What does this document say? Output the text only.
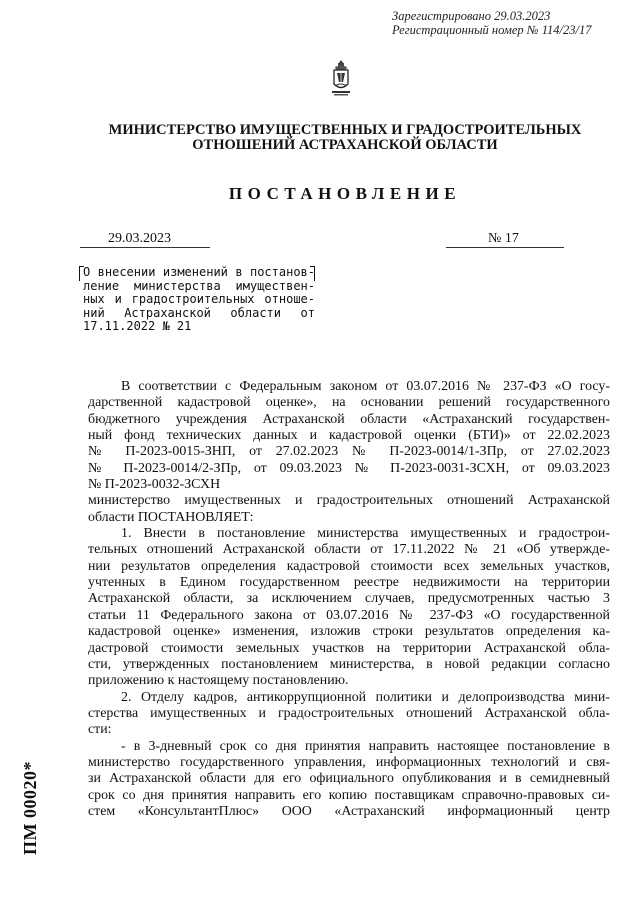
Зарегистрировано 29.03.2023
Регистрационный номер № 114/23/17
МИНИСТЕРСТВО ИМУЩЕСТВЕННЫХ И ГРАДОСТРОИТЕЛЬНЫХ
ОТНОШЕНИЙ АСТРАХАНСКОЙ ОБЛАСТИ
ПОСТАНОВЛЕНИЕ
29.03.2023	№ 17
О внесении изменений в постанов-
ление министерства имуществен-
ных и градостроительных отноше-
ний Астраханской области от
17.11.2022 № 21
В соответствии с Федеральным законом от 03.07.2016 № 237-ФЗ «О госу-
дарственной кадастровой оценке», на основании решений государственного
бюджетного учреждения Астраханской области «Астраханский государствен-
ный фонд технических данных и кадастровой оценки (БТИ)» от 22.02.2023
№ П-2023-0015-ЗНП, от 27.02.2023 № П-2023-0014/1-ЗПр, от 27.02.2023
№ П-2023-0014/2-ЗПр, от 09.03.2023 № П-2023-0031-ЗСХН, от 09.03.2023
№ П-2023-0032-ЗСХН
министерство имущественных и градостроительных отношений Астраханской
области ПОСТАНОВЛЯЕТ:
1. Внести в постановление министерства имущественных и градострои-
тельных отношений Астраханской области от 17.11.2022 № 21 «Об утвержде-
нии результатов определения кадастровой стоимости всех земельных участков,
учтенных в Едином государственном реестре недвижимости на территории
Астраханской области, за исключением случаев, предусмотренных частью 3
статьи 11 Федерального закона от 03.07.2016 № 237-ФЗ «О государственной
кадастровой оценке» изменения, изложив строки результатов определения ка-
дастровой стоимости земельных участков на территории Астраханской обла-
сти, утвержденных постановлением министерства, в новой редакции согласно
приложению к настоящему постановлению.
2. Отделу кадров, антикоррупционной политики и делопроизводства мини-
стерства имущественных и градостроительных отношений Астраханской обла-
сти:
- в 3-дневный срок со дня принятия направить настоящее постановление в
министерство государственного управления, информационных технологий и свя-
зи Астраханской области для его официального опубликования и в семидневный
срок со дня принятия направить его копию поставщикам справочно-правовых си-
стем «КонсультантПлюс» ООО «Астраханский информационный центр
ПМ 00020*
